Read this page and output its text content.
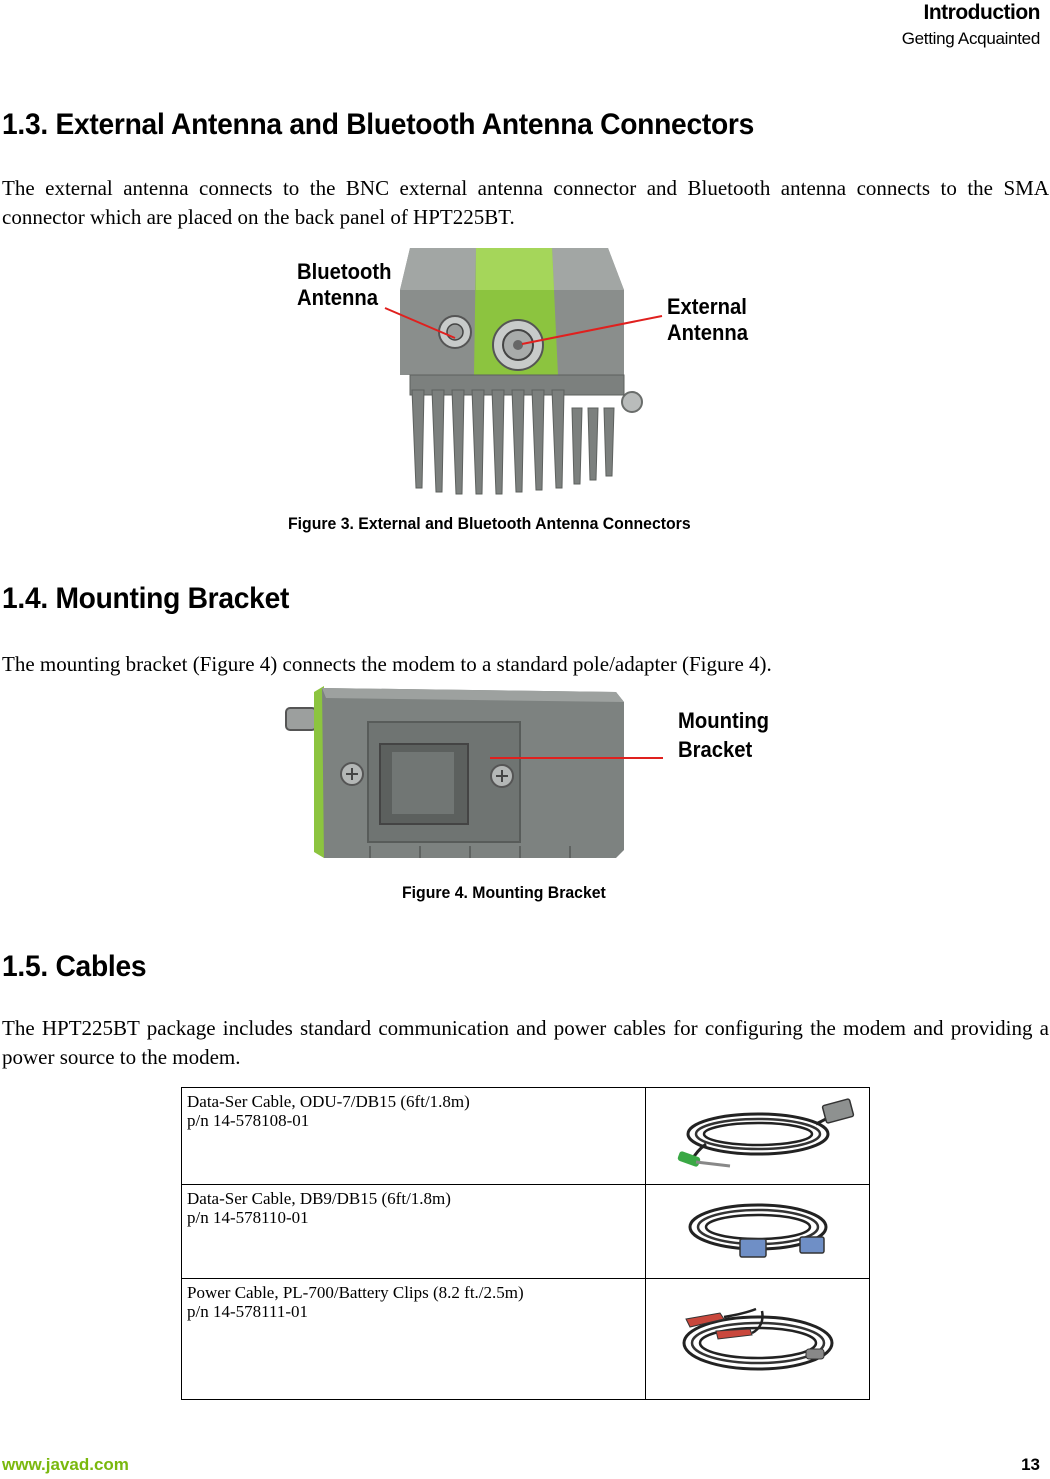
Introduction
Getting Acquainted
1.3. External Antenna and Bluetooth Antenna Connectors

The external antenna connects to the BNC external antenna connector and Bluetooth antenna connects to the SMA connector which are placed on the back panel of HPT225BT.

Bluetooth
Antenna	External
Antenna
Figure 3. External and Bluetooth Antenna Connectors
1.4. Mounting Bracket

The mounting bracket (Figure 4) connects the modem to a standard pole/adapter (Figure 4).

Mounting
Bracket
Figure 4. Mounting Bracket
1.5. Cables

The HPT225BT package includes standard communication and power cables for configuring the modem and providing a power source to the modem.

Data-Ser Cable, ODU-7/DB15 (6ft/1.8m)
p/n 14-578108-01

Data-Ser Cable, DB9/DB15 (6ft/1.8m)
p/n 14-578110-01

Power Cable, PL-700/Battery Clips (8.2 ft./2.5m)
p/n 14-578111-01

www.javad.com	13
